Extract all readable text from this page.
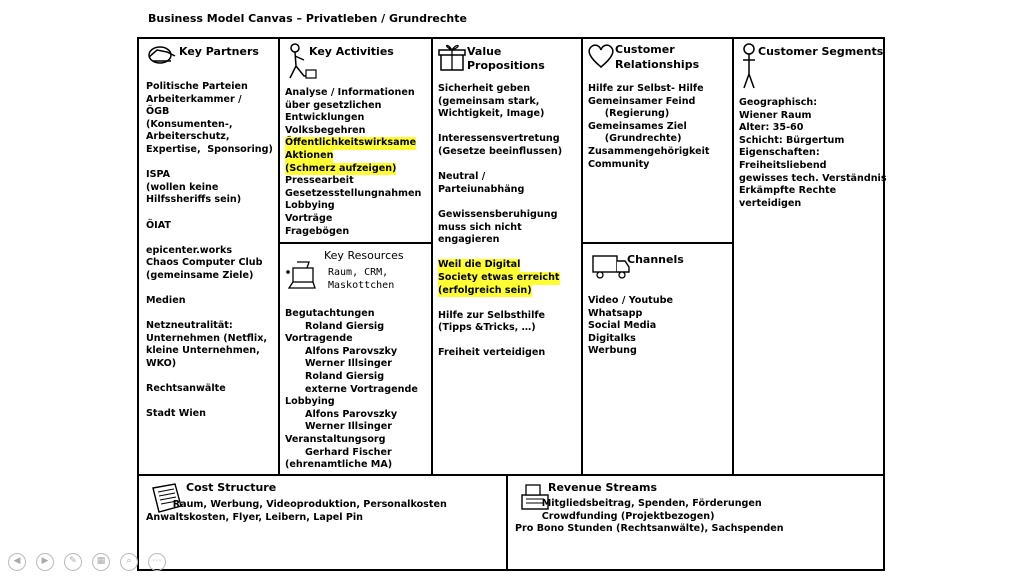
Business Model Canvas – Privatleben / Grundrechte
Key Partners
Politische Parteien
Arbeiterkammer /
ÖGB
(Konsumenten-,
Arbeiterschutz,
Expertise,  Sponsoring)

ISPA
(wollen keine
Hilfssheriffs sein)

ÖIAT

epicenter.works
Chaos Computer Club
(gemeinsame Ziele)

Medien

Netzneutralität:
Unternehmen (Netflix,
kleine Unternehmen,
WKO)

Rechtsanwälte

Stadt Wien
Key Activities
Analyse / Informationen
über gesetzlichen
Entwicklungen
Volksbegehren
Öffentlichkeitswirksame
Aktionen
(Schmerz aufzeigen)
Pressearbeit
Gesetzesstellungnahmen
Lobbying
Vorträge
Fragebögen
Key Resources
Raum, CRM,
Maskottchen
Begutachtungen
Roland Giersig
Vortragende
Alfons Parovszky
Werner Illsinger
Roland Giersig
externe Vortragende
Lobbying
Alfons Parovszky
Werner Illsinger
Veranstaltungsorg
Gerhard Fischer
(ehrenamtliche MA)
Value Propositions
Sicherheit geben
(gemeinsam stark,
Wichtigkeit, Image)

Interessensvertretung
(Gesetze beeinflussen)

Neutral /
Parteiunabhäng

Gewissensberuhigung
muss sich nicht
engagieren

Weil die Digital
Society etwas erreicht
(erfolgreich sein)

Hilfe zur Selbsthilfe
(Tipps &Tricks, …)

Freiheit verteidigen
Customer
Relationships
Hilfe zur Selbst- Hilfe
Gemeinsamer Feind
(Regierung)
Gemeinsames Ziel
(Grundrechte)
Zusammengehörigkeit
Community
Channels
Video / Youtube
Whatsapp
Social Media
Digitalks
Werbung
Customer Segments
Geographisch:
Wiener Raum
Alter: 35-60
Schicht: Bürgertum
Eigenschaften:
Freiheitsliebend
gewisses tech. Verständnis
Erkämpfte Rechte
verteidigen
Cost Structure
Raum, Werbung, Videoproduktion, Personalkosten
Anwaltskosten, Flyer, Leibern, Lapel Pin
Revenue Streams
Mitgliedsbeitrag, Spenden, Förderungen
Crowdfunding (Projektbezogen)
Pro Bono Stunden (Rechtsanwälte), Sachspenden
◀	▶	✎	▦	⌕	⋯
